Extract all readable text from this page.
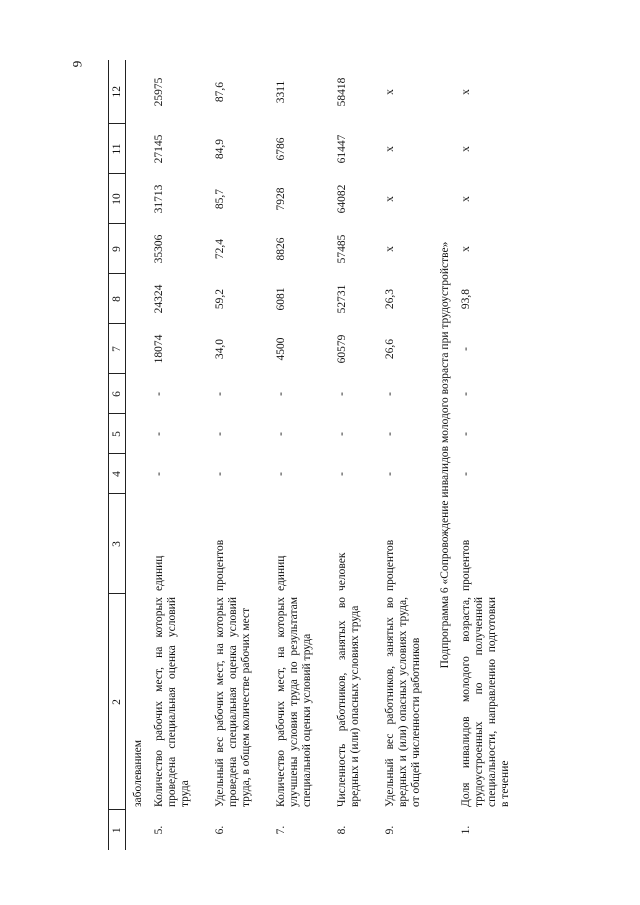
9
1	2	3	4	5	6	7	8	9	10	11	12
	заболеванием										
5.	Количество рабочих мест, на которых проведена специальная оценка условий труда	единиц	-	-	-	18074	24324	35306	31713	27145	25975
6.	Удельный вес рабочих мест, на которых проведена специальная оценка условий труда, в общем количестве рабочих мест	процентов	-	-	-	34,0	59,2	72,4	85,7	84,9	87,6
7.	Количество рабочих мест, на которых улучшены условия труда по результатам специальной оценки условий труда	единиц	-	-	-	4500	6081	8826	7928	6786	3311
8.	Численность работников, занятых во вредных и (или) опасных условиях труда	человек	-	-	-	60579	52731	57485	64082	61447	58418
9.	Удельный вес работников, занятых во вредных и (или) опасных условиях труда, от общей численности работников	процентов	-	-	-	26,6	26,3	x	x	x	x
Подпрограмма 6 «Сопровождение инвалидов молодого возраста при трудоустройстве»											
1.	Доля инвалидов молодого возраста, трудоустроенных по полученной специальности, направлению подготовки в течение	процентов	-	-	-	-	93,8	x	x	x	x
